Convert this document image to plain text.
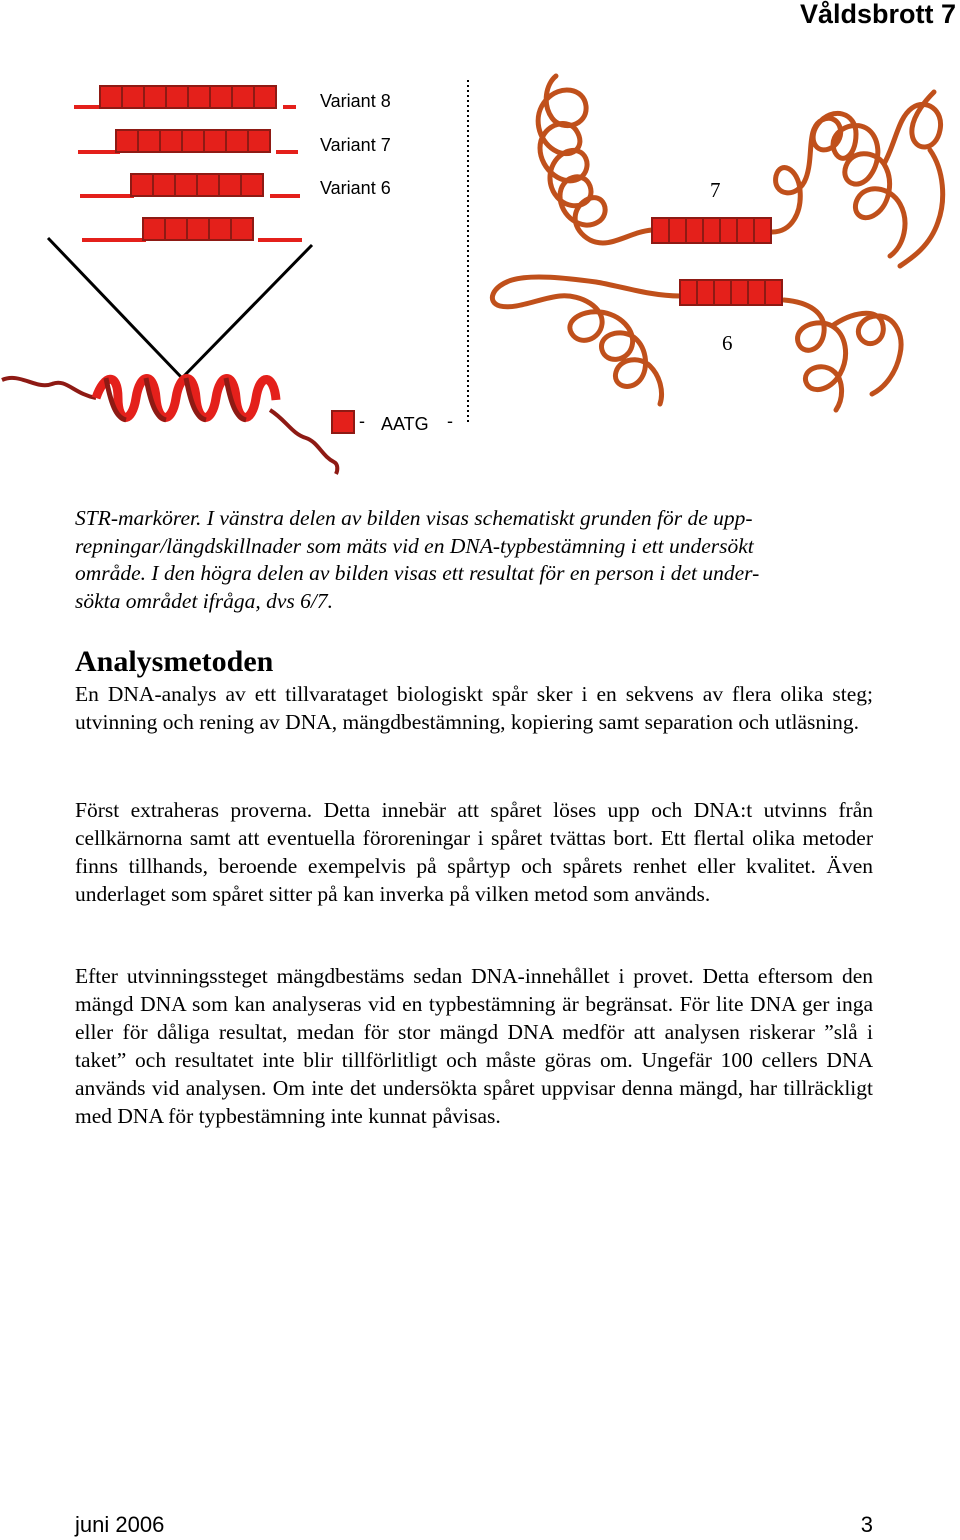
Våldsbrott 7
Variant 8
Variant 7
Variant 6
- AATG -
7
6

STR-markörer. I vänstra delen av bilden visas schematiskt grunden för de upp-

repningar/längdskillnader som mäts vid en DNA-typbestämning i ett undersökt

område. I den högra delen av bilden visas ett resultat för en person i det under-

sökta området ifråga, dvs 6/7.

Analysmetoden

En DNA-analys av ett tillvarataget biologiskt spår sker i en sekvens av flera olika steg; utvinning och rening av DNA, mängdbestämning, kopiering samt separation och utläsning.

Först extraheras proverna. Detta innebär att spåret löses upp och DNA:t utvinns från cellkärnorna samt att eventuella föroreningar i spåret tvättas bort. Ett flertal olika metoder finns tillhands, beroende exempelvis på spårtyp och spårets renhet eller kvalitet. Även underlaget som spåret sitter på kan inverka på vilken metod som används.

Efter utvinningssteget mängdbestäms sedan DNA-innehållet i provet. Detta eftersom den mängd DNA som kan analyseras vid en typbestämning är begränsat. För lite DNA ger inga eller för dåliga resultat, medan för stor mängd DNA medför att analysen riskerar ”slå i taket” och resultatet inte blir tillförlitligt och måste göras om. Ungefär 100 cellers DNA används vid analysen. Om inte det undersökta spåret uppvisar denna mängd, har tillräckligt med DNA för typbestämning inte kunnat påvisas.

juni 2006	3
